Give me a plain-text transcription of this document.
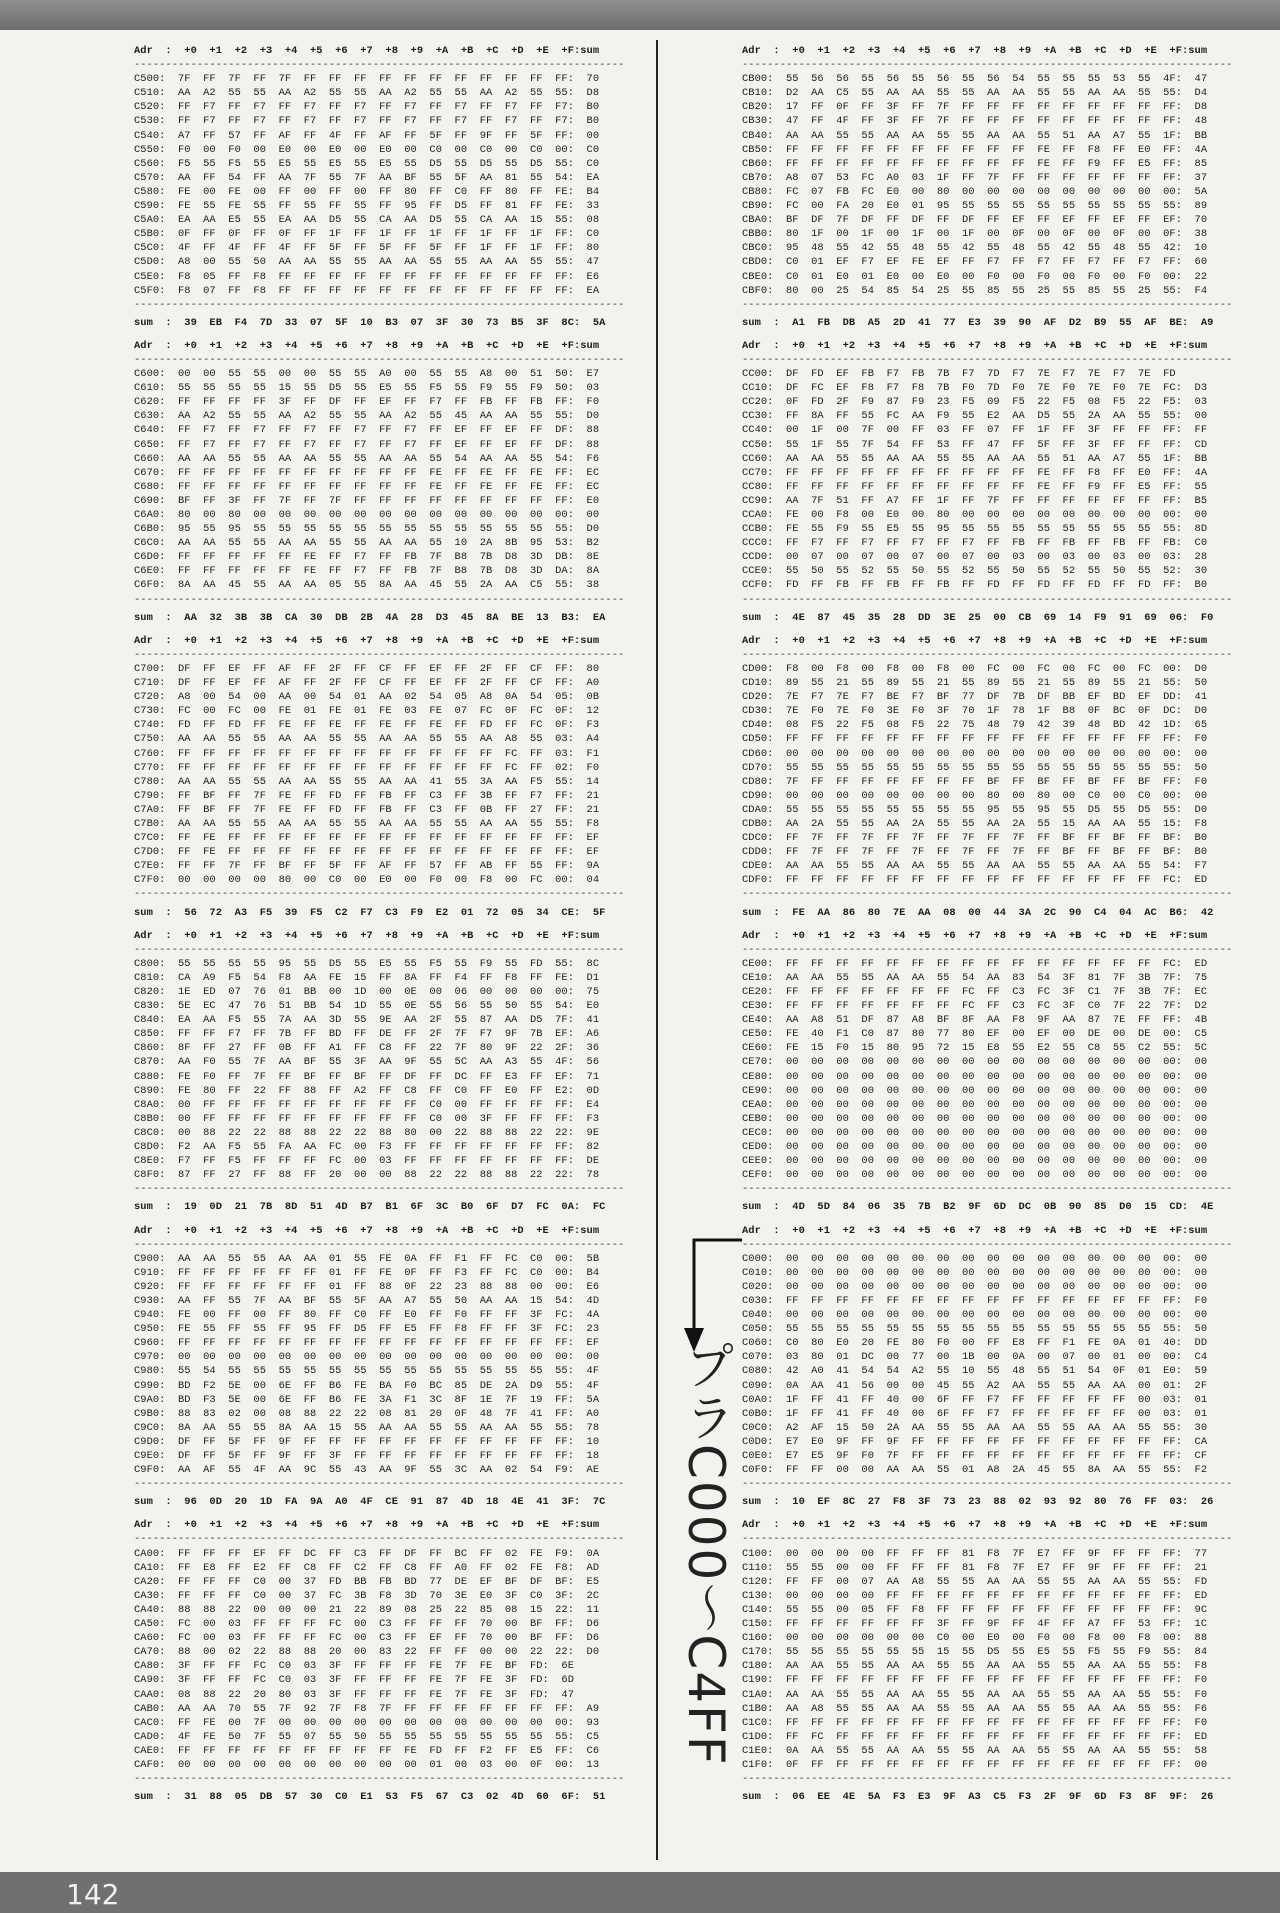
Adr  :  +0  +1  +2  +3  +4  +5  +6  +7  +8  +9  +A  +B  +C  +D  +E  +F:sum
------------------------------------------------------------------------------
C500:  7F  FF  7F  FF  7F  FF  FF  FF  FF  FF  FF  FF  FF  FF  FF  FF:  70
C510:  AA  A2  55  55  AA  A2  55  55  AA  A2  55  55  AA  A2  55  55:  D8
C520:  FF  F7  FF  F7  FF  F7  FF  F7  FF  F7  FF  F7  FF  F7  FF  F7:  B0
C530:  FF  F7  FF  F7  FF  F7  FF  F7  FF  F7  FF  F7  FF  F7  FF  F7:  B0
C540:  A7  FF  57  FF  AF  FF  4F  FF  AF  FF  5F  FF  9F  FF  5F  FF:  00
C550:  F0  00  F0  00  E0  00  E0  00  E0  00  C0  00  C0  00  C0  00:  C0
C560:  F5  55  F5  55  E5  55  E5  55  E5  55  D5  55  D5  55  D5  55:  C0
C570:  AA  FF  54  FF  AA  7F  55  7F  AA  BF  55  5F  AA  81  55  54:  EA
C580:  FE  00  FE  00  FF  00  FF  00  FF  80  FF  C0  FF  80  FF  FE:  B4
C590:  FE  55  FE  55  FF  55  FF  55  FF  95  FF  D5  FF  81  FF  FE:  33
C5A0:  EA  AA  E5  55  EA  AA  D5  55  CA  AA  D5  55  CA  AA  15  55:  08
C5B0:  0F  FF  0F  FF  0F  FF  1F  FF  1F  FF  1F  FF  1F  FF  1F  FF:  C0
C5C0:  4F  FF  4F  FF  4F  FF  5F  FF  5F  FF  5F  FF  1F  FF  1F  FF:  80
C5D0:  A8  00  55  50  AA  AA  55  55  AA  AA  55  55  AA  AA  55  55:  47
C5E0:  F8  05  FF  F8  FF  FF  FF  FF  FF  FF  FF  FF  FF  FF  FF  FF:  E6
C5F0:  F8  07  FF  F8  FF  FF  FF  FF  FF  FF  FF  FF  FF  FF  FF  FF:  EA
------------------------------------------------------------------------------
sum  :  39  EB  F4  7D  33  07  5F  10  B3  07  3F  30  73  B5  3F  8C:  5A
Adr  :  +0  +1  +2  +3  +4  +5  +6  +7  +8  +9  +A  +B  +C  +D  +E  +F:sum
------------------------------------------------------------------------------
C600:  00  00  55  55  00  00  55  55  A0  00  55  55  A8  00  51  50:  E7
C610:  55  55  55  55  15  55  D5  55  E5  55  F5  55  F9  55  F9  50:  03
C620:  FF  FF  FF  FF  3F  FF  DF  FF  EF  FF  F7  FF  FB  FF  FB  FF:  F0
C630:  AA  A2  55  55  AA  A2  55  55  AA  A2  55  45  AA  AA  55  55:  D0
C640:  FF  F7  FF  F7  FF  F7  FF  F7  FF  F7  FF  EF  FF  EF  FF  DF:  88
C650:  FF  F7  FF  F7  FF  F7  FF  F7  FF  F7  FF  EF  FF  EF  FF  DF:  88
C660:  AA  AA  55  55  AA  AA  55  55  AA  AA  55  54  AA  AA  55  54:  F6
C670:  FF  FF  FF  FF  FF  FF  FF  FF  FF  FF  FE  FF  FE  FF  FE  FF:  EC
C680:  FF  FF  FF  FF  FF  FF  FF  FF  FF  FF  FE  FF  FE  FF  FE  FF:  EC
C690:  BF  FF  3F  FF  7F  FF  7F  FF  FF  FF  FF  FF  FF  FF  FF  FF:  E0
C6A0:  80  00  80  00  00  00  00  00  00  00  00  00  00  00  00  00:  00
C6B0:  95  55  95  55  55  55  55  55  55  55  55  55  55  55  55  55:  D0
C6C0:  AA  AA  55  55  AA  AA  55  55  AA  AA  55  10  2A  8B  95  53:  B2
C6D0:  FF  FF  FF  FF  FF  FE  FF  F7  FF  FB  7F  B8  7B  D8  3D  DB:  8E
C6E0:  FF  FF  FF  FF  FF  FE  FF  F7  FF  FB  7F  B8  7B  D8  3D  DA:  8A
C6F0:  8A  AA  45  55  AA  AA  05  55  8A  AA  45  55  2A  AA  C5  55:  38
------------------------------------------------------------------------------
sum  :  AA  32  3B  3B  CA  30  DB  2B  4A  28  D3  45  8A  BE  13  B3:  EA
Adr  :  +0  +1  +2  +3  +4  +5  +6  +7  +8  +9  +A  +B  +C  +D  +E  +F:sum
------------------------------------------------------------------------------
C700:  DF  FF  EF  FF  AF  FF  2F  FF  CF  FF  EF  FF  2F  FF  CF  FF:  80
C710:  DF  FF  EF  FF  AF  FF  2F  FF  CF  FF  EF  FF  2F  FF  CF  FF:  A0
C720:  A8  00  54  00  AA  00  54  01  AA  02  54  05  A8  0A  54  05:  0B
C730:  FC  00  FC  00  FE  01  FE  01  FE  03  FE  07  FC  0F  FC  0F:  12
C740:  FD  FF  FD  FF  FE  FF  FE  FF  FE  FF  FE  FF  FD  FF  FC  0F:  F3
C750:  AA  AA  55  55  AA  AA  55  55  AA  AA  55  55  AA  A8  55  03:  A4
C760:  FF  FF  FF  FF  FF  FF  FF  FF  FF  FF  FF  FF  FF  FC  FF  03:  F1
C770:  FF  FF  FF  FF  FF  FF  FF  FF  FF  FF  FF  FF  FF  FC  FF  02:  F0
C780:  AA  AA  55  55  AA  AA  55  55  AA  AA  41  55  3A  AA  F5  55:  14
C790:  FF  BF  FF  7F  FE  FF  FD  FF  FB  FF  C3  FF  3B  FF  F7  FF:  21
C7A0:  FF  BF  FF  7F  FE  FF  FD  FF  FB  FF  C3  FF  0B  FF  27  FF:  21
C7B0:  AA  AA  55  55  AA  AA  55  55  AA  AA  55  55  AA  AA  55  55:  F8
C7C0:  FF  FE  FF  FF  FF  FF  FF  FF  FF  FF  FF  FF  FF  FF  FF  FF:  EF
C7D0:  FF  FE  FF  FF  FF  FF  FF  FF  FF  FF  FF  FF  FF  FF  FF  FF:  EF
C7E0:  FF  FF  7F  FF  BF  FF  5F  FF  AF  FF  57  FF  AB  FF  55  FF:  9A
C7F0:  00  00  00  00  80  00  C0  00  E0  00  F0  00  F8  00  FC  00:  04
------------------------------------------------------------------------------
sum  :  56  72  A3  F5  39  F5  C2  F7  C3  F9  E2  01  72  05  34  CE:  5F
Adr  :  +0  +1  +2  +3  +4  +5  +6  +7  +8  +9  +A  +B  +C  +D  +E  +F:sum
------------------------------------------------------------------------------
C800:  55  55  55  55  95  55  D5  55  E5  55  F5  55  F9  55  FD  55:  8C
C810:  CA  A9  F5  54  F8  AA  FE  15  FF  8A  FF  F4  FF  F8  FF  FE:  D1
C820:  1E  ED  07  76  01  BB  00  1D  00  0E  00  06  00  00  00  00:  75
C830:  5E  EC  47  76  51  BB  54  1D  55  0E  55  56  55  50  55  54:  E0
C840:  EA  AA  F5  55  7A  AA  3D  55  9E  AA  2F  55  87  AA  D5  7F:  41
C850:  FF  FF  F7  FF  7B  FF  BD  FF  DE  FF  2F  7F  F7  9F  7B  EF:  A6
C860:  8F  FF  27  FF  0B  FF  A1  FF  C8  FF  22  7F  80  9F  22  2F:  36
C870:  AA  F0  55  7F  AA  BF  55  3F  AA  9F  55  5C  AA  A3  55  4F:  56
C880:  FE  F0  FF  7F  FF  BF  FF  BF  FF  DF  FF  DC  FF  E3  FF  EF:  71
C890:  FE  80  FF  22  FF  88  FF  A2  FF  C8  FF  C0  FF  E0  FF  E2:  0D
C8A0:  00  FF  FF  FF  FF  FF  FF  FF  FF  FF  C0  00  FF  FF  FF  FF:  E4
C8B0:  00  FF  FF  FF  FF  FF  FF  FF  FF  FF  C0  00  3F  FF  FF  FF:  F3
C8C0:  00  88  22  22  88  88  22  22  88  80  00  22  88  88  22  22:  9E
C8D0:  F2  AA  F5  55  FA  AA  FC  00  F3  FF  FF  FF  FF  FF  FF  FF:  82
C8E0:  F7  FF  F5  FF  FF  FF  FC  00  03  FF  FF  FF  FF  FF  FF  FF:  DE
C8F0:  87  FF  27  FF  88  FF  20  00  00  88  22  22  88  88  22  22:  78
------------------------------------------------------------------------------
sum  :  19  0D  21  7B  8D  51  4D  B7  B1  6F  3C  B0  6F  D7  FC  0A:  FC
Adr  :  +0  +1  +2  +3  +4  +5  +6  +7  +8  +9  +A  +B  +C  +D  +E  +F:sum
------------------------------------------------------------------------------
C900:  AA  AA  55  55  AA  AA  01  55  FE  0A  FF  F1  FF  FC  C0  00:  5B
C910:  FF  FF  FF  FF  FF  FF  01  FF  FE  0F  FF  F3  FF  FC  C0  00:  B4
C920:  FF  FF  FF  FF  FF  FF  01  FF  88  0F  22  23  88  88  00  00:  E6
C930:  AA  FF  55  7F  AA  BF  55  5F  AA  A7  55  50  AA  AA  15  54:  4D
C940:  FE  00  FF  00  FF  80  FF  C0  FF  E0  FF  F0  FF  FF  3F  FC:  4A
C950:  FE  55  FF  55  FF  95  FF  D5  FF  E5  FF  F8  FF  FF  3F  FC:  23
C960:  FF  FF  FF  FF  FF  FF  FF  FF  FF  FF  FF  FF  FF  FF  FF  FF:  EF
C970:  00  00  00  00  00  00  00  00  00  00  00  00  00  00  00  00:  00
C980:  55  54  55  55  55  55  55  55  55  55  55  55  55  55  55  55:  4F
C990:  BD  F2  5E  00  6E  FF  B6  FE  BA  F0  BC  85  DE  2A  D9  55:  4F
C9A0:  BD  F3  5E  00  6E  FF  B6  FE  3A  F1  3C  8F  1E  7F  19  FF:  5A
C9B0:  88  83  02  00  08  88  22  22  08  81  20  0F  48  7F  41  FF:  A0
C9C0:  8A  AA  55  55  8A  AA  15  55  AA  AA  55  55  AA  AA  55  55:  78
C9D0:  DF  FF  5F  FF  9F  FF  FF  FF  FF  FF  FF  FF  FF  FF  FF  FF:  10
C9E0:  DF  FF  5F  FF  9F  FF  3F  FF  FF  FF  FF  FF  FF  FF  FF  FF:  18
C9F0:  AA  AF  55  4F  AA  9C  55  43  AA  9F  55  3C  AA  02  54  F9:  AE
------------------------------------------------------------------------------
sum  :  96  0D  20  1D  FA  9A  A0  4F  CE  91  87  4D  18  4E  41  3F:  7C
Adr  :  +0  +1  +2  +3  +4  +5  +6  +7  +8  +9  +A  +B  +C  +D  +E  +F:sum
------------------------------------------------------------------------------
CA00:  FF  FF  FF  EF  FF  DC  FF  C3  FF  DF  FF  BC  FF  02  FE  F9:  0A
CA10:  FF  E8  FF  E2  FF  C8  FF  C2  FF  C8  FF  A0  FF  02  FE  F8:  AD
CA20:  FF  FF  FF  C0  00  37  FD  BB  FB  BD  77  DE  EF  BF  DF  BF:  E5
CA30:  FF  FF  FF  C0  00  37  FC  3B  F8  3D  70  3E  E0  3F  C0  3F:  2C
CA40:  88  88  22  00  00  00  21  22  89  08  25  22  85  08  15  22:  11
CA50:  FC  00  03  FF  FF  FF  FC  00  C3  FF  FF  FF  70  00  BF  FF:  D6
CA60:  FC  00  03  FF  FF  FF  FC  00  C3  FF  EF  FF  70  00  BF  FF:  D6
CA70:  88  00  02  22  88  88  20  00  83  22  FF  FF  00  00  22  22:  D0
CA80:  3F  FF  FF  FC  C0  03  3F  FF  FF  FF  FE  7F  FE  BF  FD:  6E
CA90:  3F  FF  FF  FC  C0  03  3F  FF  FF  FF  FE  7F  FE  3F  FD:  6D
CAA0:  08  88  22  20  80  03  3F  FF  FF  FF  FE  7F  FE  3F  FD:  47
CAB0:  AA  AA  70  55  7F  92  7F  F8  7F  FF  FF  FF  FF  FF  FF  FF:  A9
CAC0:  FF  FE  00  7F  00  00  00  00  00  00  00  00  00  00  00  00:  93
CAD0:  4F  FE  50  7F  55  07  55  50  55  55  55  55  55  55  55  55:  C5
CAE0:  FF  FF  FF  FF  FF  FF  FF  FF  FF  FE  FD  FF  F2  FF  E5  FF:  C6
CAF0:  00  00  00  00  00  00  00  00  00  00  01  00  03  00  0F  00:  13
------------------------------------------------------------------------------
sum  :  31  88  05  DB  57  30  C0  E1  53  F5  67  C3  02  4D  60  6F:  51
Adr  :  +0  +1  +2  +3  +4  +5  +6  +7  +8  +9  +A  +B  +C  +D  +E  +F:sum
------------------------------------------------------------------------------
CB00:  55  56  56  55  56  55  56  55  56  54  55  55  55  53  55  4F:  47
CB10:  D2  AA  C5  55  AA  AA  55  55  AA  AA  55  55  AA  AA  55  55:  D4
CB20:  17  FF  0F  FF  3F  FF  7F  FF  FF  FF  FF  FF  FF  FF  FF  FF:  D8
CB30:  47  FF  4F  FF  3F  FF  7F  FF  FF  FF  FF  FF  FF  FF  FF  FF:  48
CB40:  AA  AA  55  55  AA  AA  55  55  AA  AA  55  51  AA  A7  55  1F:  BB
CB50:  FF  FF  FF  FF  FF  FF  FF  FF  FF  FF  FE  FF  F8  FF  E0  FF:  4A
CB60:  FF  FF  FF  FF  FF  FF  FF  FF  FF  FF  FE  FF  F9  FF  E5  FF:  85
CB70:  A8  07  53  FC  A0  03  1F  FF  7F  FF  FF  FF  FF  FF  FF  FF:  37
CB80:  FC  07  FB  FC  E0  00  80  00  00  00  00  00  00  00  00  00:  5A
CB90:  FC  00  FA  20  E0  01  95  55  55  55  55  55  55  55  55  55:  89
CBA0:  BF  DF  7F  DF  FF  DF  FF  DF  FF  EF  FF  EF  FF  EF  FF  EF:  70
CBB0:  80  1F  00  1F  00  1F  00  1F  00  0F  00  0F  00  0F  00  0F:  38
CBC0:  95  48  55  42  55  48  55  42  55  48  55  42  55  48  55  42:  10
CBD0:  C0  01  EF  F7  EF  FE  EF  FF  F7  FF  F7  FF  F7  FF  F7  FF:  60
CBE0:  C0  01  E0  01  E0  00  E0  00  F0  00  F0  00  F0  00  F0  00:  22
CBF0:  80  00  25  54  85  54  25  55  85  55  25  55  85  55  25  55:  F4
------------------------------------------------------------------------------
sum  :  A1  FB  DB  A5  2D  41  77  E3  39  90  AF  D2  B9  55  AF  BE:  A9
Adr  :  +0  +1  +2  +3  +4  +5  +6  +7  +8  +9  +A  +B  +C  +D  +E  +F:sum
------------------------------------------------------------------------------
CC00:  DF  FD  EF  FB  F7  FB  7B  F7  7D  F7  7E  F7  7E  F7  7E  FD
CC10:  DF  FC  EF  F8  F7  F8  7B  F0  7D  F0  7E  F0  7E  F0  7E  FC:  D3
CC20:  0F  FD  2F  F9  87  F9  23  F5  09  F5  22  F5  08  F5  22  F5:  03
CC30:  FF  8A  FF  55  FC  AA  F9  55  E2  AA  D5  55  2A  AA  55  55:  00
CC40:  00  1F  00  7F  00  FF  03  FF  07  FF  1F  FF  3F  FF  FF  FF:  FF
CC50:  55  1F  55  7F  54  FF  53  FF  47  FF  5F  FF  3F  FF  FF  FF:  CD
CC60:  AA  AA  55  55  AA  AA  55  55  AA  AA  55  51  AA  A7  55  1F:  BB
CC70:  FF  FF  FF  FF  FF  FF  FF  FF  FF  FF  FE  FF  F8  FF  E0  FF:  4A
CC80:  FF  FF  FF  FF  FF  FF  FF  FF  FF  FF  FE  FF  F9  FF  E5  FF:  55
CC90:  AA  7F  51  FF  A7  FF  1F  FF  7F  FF  FF  FF  FF  FF  FF  FF:  B5
CCA0:  FE  00  F8  00  E0  00  80  00  00  00  00  00  00  00  00  00:  00
CCB0:  FE  55  F9  55  E5  55  95  55  55  55  55  55  55  55  55  55:  8D
CCC0:  FF  F7  FF  F7  FF  F7  FF  F7  FF  FB  FF  FB  FF  FB  FF  FB:  C0
CCD0:  00  07  00  07  00  07  00  07  00  03  00  03  00  03  00  03:  28
CCE0:  55  50  55  52  55  50  55  52  55  50  55  52  55  50  55  52:  30
CCF0:  FD  FF  FB  FF  FB  FF  FB  FF  FD  FF  FD  FF  FD  FF  FD  FF:  B0
------------------------------------------------------------------------------
sum  :  4E  87  45  35  28  DD  3E  25  00  CB  69  14  F9  91  69  06:  F0
Adr  :  +0  +1  +2  +3  +4  +5  +6  +7  +8  +9  +A  +B  +C  +D  +E  +F:sum
------------------------------------------------------------------------------
CD00:  F8  00  F8  00  F8  00  F8  00  FC  00  FC  00  FC  00  FC  00:  D0
CD10:  89  55  21  55  89  55  21  55  89  55  21  55  89  55  21  55:  50
CD20:  7E  F7  7E  F7  BE  F7  BF  77  DF  7B  DF  BB  EF  BD  EF  DD:  41
CD30:  7E  F0  7E  F0  3E  F0  3F  70  1F  78  1F  B8  0F  BC  0F  DC:  D0
CD40:  08  F5  22  F5  08  F5  22  75  48  79  42  39  48  BD  42  1D:  65
CD50:  FF  FF  FF  FF  FF  FF  FF  FF  FF  FF  FF  FF  FF  FF  FF  FF:  F0
CD60:  00  00  00  00  00  00  00  00  00  00  00  00  00  00  00  00:  00
CD70:  55  55  55  55  55  55  55  55  55  55  55  55  55  55  55  55:  50
CD80:  7F  FF  FF  FF  FF  FF  FF  FF  BF  FF  BF  FF  BF  FF  BF  FF:  F0
CD90:  00  00  00  00  00  00  00  00  80  00  80  00  C0  00  C0  00:  00
CDA0:  55  55  55  55  55  55  55  55  95  55  95  55  D5  55  D5  55:  D0
CDB0:  AA  2A  55  55  AA  2A  55  55  AA  2A  55  15  AA  AA  55  15:  F8
CDC0:  FF  7F  FF  7F  FF  7F  FF  7F  FF  7F  FF  BF  FF  BF  FF  BF:  B0
CDD0:  FF  7F  FF  7F  FF  7F  FF  7F  FF  7F  FF  BF  FF  BF  FF  BF:  B0
CDE0:  AA  AA  55  55  AA  AA  55  55  AA  AA  55  55  AA  AA  55  54:  F7
CDF0:  FF  FF  FF  FF  FF  FF  FF  FF  FF  FF  FF  FF  FF  FF  FF  FC:  ED
------------------------------------------------------------------------------
sum  :  FE  AA  86  80  7E  AA  08  00  44  3A  2C  90  C4  04  AC  B6:  42
Adr  :  +0  +1  +2  +3  +4  +5  +6  +7  +8  +9  +A  +B  +C  +D  +E  +F:sum
------------------------------------------------------------------------------
CE00:  FF  FF  FF  FF  FF  FF  FF  FF  FF  FF  FF  FF  FF  FF  FF  FC:  ED
CE10:  AA  AA  55  55  AA  AA  55  54  AA  83  54  3F  81  7F  3B  7F:  75
CE20:  FF  FF  FF  FF  FF  FF  FF  FC  FF  C3  FC  3F  C1  7F  3B  7F:  EC
CE30:  FF  FF  FF  FF  FF  FF  FF  FC  FF  C3  FC  3F  C0  7F  22  7F:  D2
CE40:  AA  A8  51  DF  87  A8  BF  8F  AA  F8  9F  AA  87  7E  FF  FF:  4B
CE50:  FE  40  F1  C0  87  80  77  80  EF  00  EF  00  DE  00  DE  00:  C5
CE60:  FE  15  F0  15  80  95  72  15  E8  55  E2  55  C8  55  C2  55:  5C
CE70:  00  00  00  00  00  00  00  00  00  00  00  00  00  00  00  00:  00
CE80:  00  00  00  00  00  00  00  00  00  00  00  00  00  00  00  00:  00
CE90:  00  00  00  00  00  00  00  00  00  00  00  00  00  00  00  00:  00
CEA0:  00  00  00  00  00  00  00  00  00  00  00  00  00  00  00  00:  00
CEB0:  00  00  00  00  00  00  00  00  00  00  00  00  00  00  00  00:  00
CEC0:  00  00  00  00  00  00  00  00  00  00  00  00  00  00  00  00:  00
CED0:  00  00  00  00  00  00  00  00  00  00  00  00  00  00  00  00:  00
CEE0:  00  00  00  00  00  00  00  00  00  00  00  00  00  00  00  00:  00
CEF0:  00  00  00  00  00  00  00  00  00  00  00  00  00  00  00  00:  00
------------------------------------------------------------------------------
sum  :  4D  5D  84  06  35  7B  B2  9F  6D  DC  0B  90  85  D0  15  CD:  4E
Adr  :  +0  +1  +2  +3  +4  +5  +6  +7  +8  +9  +A  +B  +C  +D  +E  +F:sum
------------------------------------------------------------------------------
C000:  00  00  00  00  00  00  00  00  00  00  00  00  00  00  00  00:  00
C010:  00  00  00  00  00  00  00  00  00  00  00  00  00  00  00  00:  00
C020:  00  00  00  00  00  00  00  00  00  00  00  00  00  00  00  00:  00
C030:  FF  FF  FF  FF  FF  FF  FF  FF  FF  FF  FF  FF  FF  FF  FF  FF:  F0
C040:  00  00  00  00  00  00  00  00  00  00  00  00  00  00  00  00:  00
C050:  55  55  55  55  55  55  55  55  55  55  55  55  55  55  55  55:  50
C060:  C0  80  E0  20  FE  80  F0  00  FF  E8  FF  F1  FE  0A  01  40:  DD
C070:  03  80  01  DC  00  77  00  1B  00  0A  00  07  00  01  00  00:  C4
C080:  42  A0  41  54  54  A2  55  10  55  48  55  51  54  0F  01  E0:  59
C090:  0A  AA  41  56  00  00  45  55  A2  AA  55  55  AA  AA  00  01:  2F
C0A0:  1F  FF  41  FF  40  00  6F  FF  F7  FF  FF  FF  FF  FF  00  03:  01
C0B0:  1F  FF  41  FF  40  00  6F  FF  F7  FF  FF  FF  FF  FF  00  03:  01
C0C0:  A2  AF  15  50  2A  AA  55  55  AA  AA  55  55  AA  AA  55  55:  30
C0D0:  E7  E0  9F  FF  9F  FF  FF  FF  FF  FF  FF  FF  FF  FF  FF  FF:  CA
C0E0:  E7  E5  9F  F0  7F  FF  FF  FF  FF  FF  FF  FF  FF  FF  FF  FF:  CF
C0F0:  FF  FF  00  00  AA  AA  55  01  A8  2A  45  55  8A  AA  55  55:  F2
------------------------------------------------------------------------------
sum  :  10  EF  8C  27  F8  3F  73  23  88  02  93  92  80  76  FF  03:  26
Adr  :  +0  +1  +2  +3  +4  +5  +6  +7  +8  +9  +A  +B  +C  +D  +E  +F:sum
------------------------------------------------------------------------------
C100:  00  00  00  00  FF  FF  FF  81  F8  7F  E7  FF  9F  FF  FF  FF:  77
C110:  55  55  00  00  FF  FF  FF  81  F8  7F  E7  FF  9F  FF  FF  FF:  21
C120:  FF  FF  00  07  AA  A8  55  55  AA  AA  55  55  AA  AA  55  55:  FD
C130:  00  00  00  00  FF  FF  FF  FF  FF  FF  FF  FF  FF  FF  FF  FF:  ED
C140:  55  55  00  05  FF  F8  FF  FF  FF  FF  FF  FF  FF  FF  FF  FF:  9C
C150:  FF  FF  FF  FF  FF  FF  3F  FF  9F  FF  4F  FF  A7  FF  53  FF:  1C
C160:  00  00  00  00  00  00  C0  00  E0  00  F0  00  F8  00  F8  00:  88
C170:  55  55  55  55  55  55  15  55  D5  55  E5  55  F5  55  F9  55:  84
C180:  AA  AA  55  55  AA  AA  55  55  AA  AA  55  55  AA  AA  55  55:  F8
C190:  FF  FF  FF  FF  FF  FF  FF  FF  FF  FF  FF  FF  FF  FF  FF  FF:  F0
C1A0:  AA  AA  55  55  AA  AA  55  55  AA  AA  55  55  AA  AA  55  55:  F0
C1B0:  AA  A8  55  55  AA  AA  55  55  AA  AA  55  55  AA  AA  55  55:  F6
C1C0:  FF  FF  FF  FF  FF  FF  FF  FF  FF  FF  FF  FF  FF  FF  FF  FF:  F0
C1D0:  FF  FC  FF  FF  FF  FF  FF  FF  FF  FF  FF  FF  FF  FF  FF  FF:  ED
C1E0:  0A  AA  55  55  AA  AA  55  55  AA  AA  55  55  AA  AA  55  55:  58
C1F0:  0F  FF  FF  FF  FF  FF  FF  FF  FF  FF  FF  FF  FF  FF  FF  FF:  00
------------------------------------------------------------------------------
sum  :  06  EE  4E  5A  F3  E3  9F  A3  C5  F3  2F  9F  6D  F3  8F  9F:  26
プラC000〜C4FF
142
